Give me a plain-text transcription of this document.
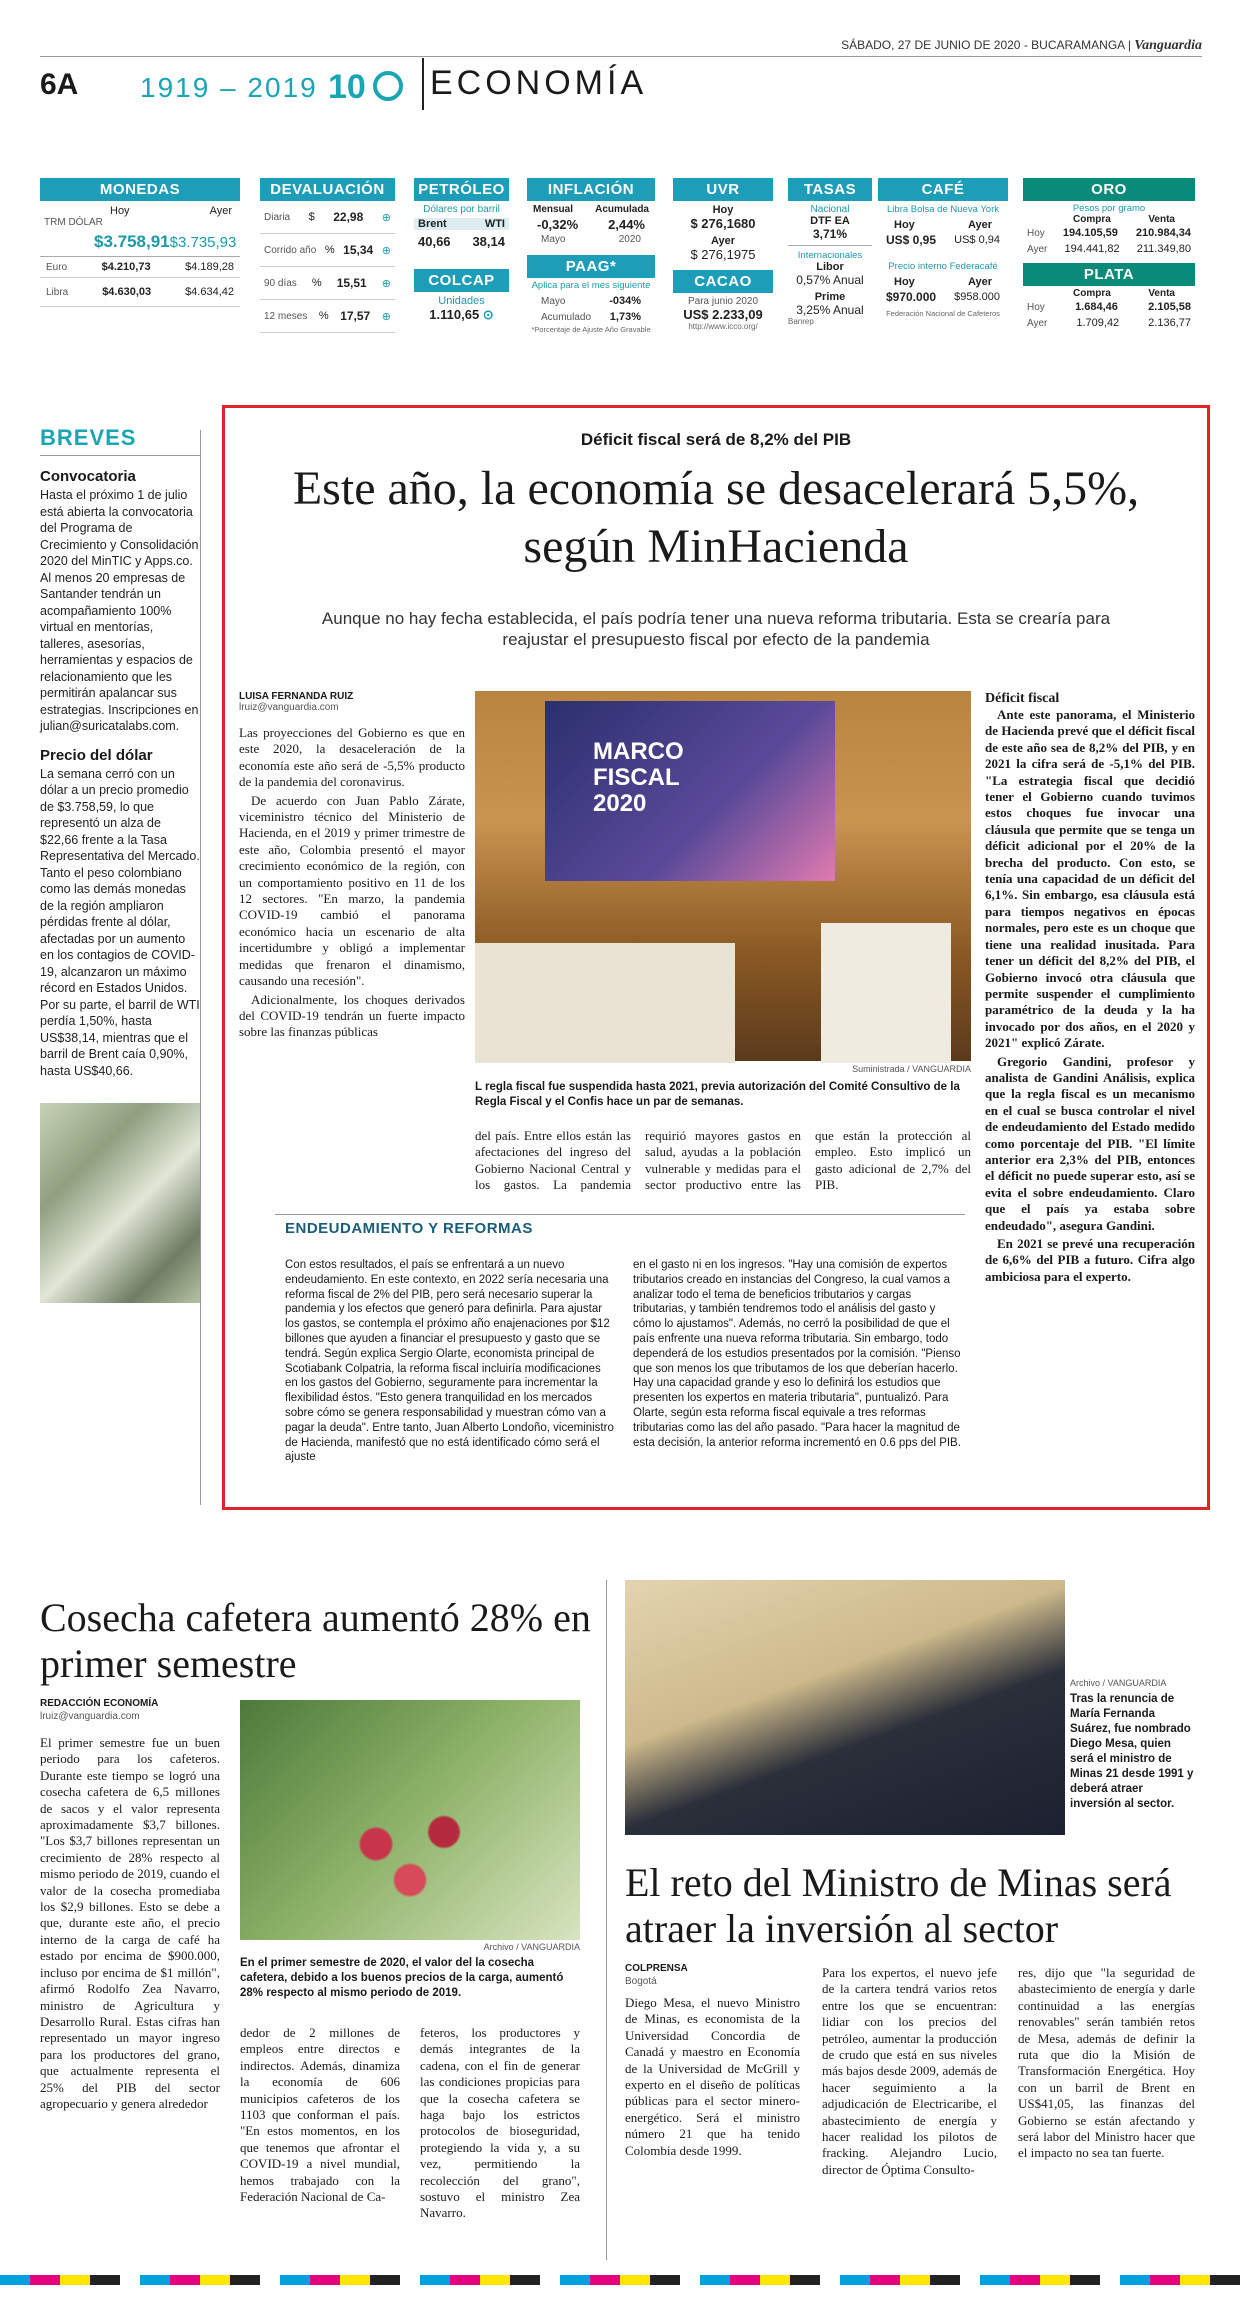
SÁBADO, 27 DE JUNIO DE 2020 - BUCARAMANGA | Vanguardia
6A 1919 – 2019 10 ECONOMÍA
MONEDAS
Hoy	Ayer
TRM DÓLAR
$3.758,91 $3.735,93
Euro	$4.210,73	$4.189,28
Libra	$4.630,03	$4.634,42
DEVALUACIÓN
Diaria $ 22,98 ⊕
Corrido año % 15,34 ⊕
90 días % 15,51 ⊕
12 meses % 17,57 ⊕
PETRÓLEO
Dólares por barril
Brent	WTI
40,66 38,14
COLCAP
Unidades
1.110,65 ⊙
INFLACIÓN
Mensual Acumulada
-0,32% 2,44%
Mayo	2020
PAAG*
Aplica para el mes siguiente
Mayo	-034%
Acumulado 1,73%
*Porcentaje de Ajuste Año Gravable
UVR
Hoy
$ 276,1680
Ayer
$ 276,1975
CACAO
Para junio 2020
US$ 2.233,09
http://www.icco.org/
TASAS
Nacional
DTF EA
3,71%
Internacionales
Libor
0,57% Anual
Prime
3,25% Anual
Banrep
CAFÉ
Libra Bolsa de Nueva York
Hoy	Ayer
US$ 0,95 US$ 0,94
Precio interno Federacafé
Hoy	Ayer
$970.000 $958.000
Federación Nacional de Cafeteros
ORO
Pesos por gramo
Compra	Venta
Hoy 194.105,59 210.984,34
Ayer 194.441,82 211.349,80
PLATA
Compra	Venta
Hoy	1.684,46	2.105,58
Ayer	1.709,42	2.136,77
BREVES
Convocatoria

Hasta el próximo 1 de julio está abierta la convocatoria del Programa de Crecimiento y Consolidación 2020 del MinTIC y Apps.co. Al menos 20 empresas de Santander tendrán un acompañamiento 100% virtual en mentorías, talleres, asesorías, herramientas y espacios de relacionamiento que les permitirán apalancar sus estrategias. Inscripciones en julian@suricatalabs.com.

Precio del dólar

La semana cerró con un dólar a un precio promedio de $3.758,59, lo que representó un alza de $22,66 frente a la Tasa Representativa del Mercado. Tanto el peso colombiano como las demás monedas de la región ampliaron pérdidas frente al dólar, afectadas por un aumento en los contagios de COVID-19, alcanzaron un máximo récord en Estados Unidos. Por su parte, el barril de WTI perdía 1,50%, hasta US$38,14, mientras que el barril de Brent caía 0,90%, hasta US$40,66.

Déficit fiscal será de 8,2% del PIB
Este año, la economía se desacelerará 5,5%, según MinHacienda
Aunque no hay fecha establecida, el país podría tener una nueva reforma tributaria. Esta se crearía para reajustar el presupuesto fiscal por efecto de la pandemia
LUISA FERNANDA RUIZ
lruiz@vanguardia.com

Las proyecciones del Gobierno es que en este 2020, la desaceleración de la economía este año será de -5,5% producto de la pandemia del coronavirus.

De acuerdo con Juan Pablo Zárate, viceministro técnico del Ministerio de Hacienda, en el 2019 y primer trimestre de este año, Colombia presentó el mayor crecimiento económico de la región, con un comportamiento positivo en 11 de los 12 sectores. "En marzo, la pandemia COVID-19 cambió el panorama económico hacia un escenario de alta incertidumbre y obligó a implementar medidas que frenaron el dinamismo, causando una recesión".

Adicionalmente, los choques derivados del COVID-19 tendrán un fuerte impacto sobre las finanzas públicas

MARCO FISCAL 2020
Suministrada / VANGUARDIA
L regla fiscal fue suspendida hasta 2021, previa autorización del Comité Consultivo de la Regla Fiscal y el Confis hace un par de semanas.
del país. Entre ellos están las afectaciones del ingreso del Gobierno Nacional Central y los gastos. La pandemia requirió mayores gastos en salud, ayudas a la población vulnerable y medidas para el sector productivo entre las que están la protección al empleo. Esto implicó un gasto adicional de 2,7% del PIB.
Déficit fiscal

Ante este panorama, el Ministerio de Hacienda prevé que el déficit fiscal de este año sea de 8,2% del PIB, y en 2021 la cifra será de -5,1% del PIB. "La estrategia fiscal que decidió tener el Gobierno cuando tuvimos estos choques fue invocar una cláusula que permite que se tenga un déficit adicional por el 20% de la brecha del producto. Con esto, se tenía una capacidad de un déficit del 6,1%. Sin embargo, esa cláusula está para tiempos negativos en épocas normales, pero este es un choque que tiene una realidad inusitada. Para tener un déficit del 8,2% del PIB, el Gobierno invocó otra cláusula que permite suspender el cumplimiento paramétrico de la deuda y la ha invocado por dos años, en el 2020 y 2021" explicó Zárate.

Gregorio Gandini, profesor y analista de Gandini Análisis, explica que la regla fiscal es un mecanismo en el cual se busca controlar el nivel de endeudamiento del Estado medido como porcentaje del PIB. "El límite anterior era 2,3% del PIB, entonces el déficit no puede superar esto, así se evita el sobre endeudamiento. Claro que el país ya estaba sobre endeudado", asegura Gandini.

En 2021 se prevé una recuperación de 6,6% del PIB a futuro. Cifra algo ambiciosa para el experto.

ENDEUDAMIENTO Y REFORMAS
Con estos resultados, el país se enfrentará a un nuevo endeudamiento. En este contexto, en 2022 sería necesaria una reforma fiscal de 2% del PIB, pero será necesario superar la pandemia y los efectos que generó para definirla. Para ajustar los gastos, se contempla el próximo año enajenaciones por $12 billones que ayuden a financiar el presupuesto y gasto que se tendrá. Según explica Sergio Olarte, economista principal de Scotiabank Colpatria, la reforma fiscal incluiría modificaciones en los gastos del Gobierno, seguramente para incrementar la flexibilidad éstos. "Esto genera tranquilidad en los mercados sobre cómo se genera responsabilidad y muestran cómo van a pagar la deuda". Entre tanto, Juan Alberto Londoño, viceministro de Hacienda, manifestó que no está identificado cómo será el ajuste
en el gasto ni en los ingresos. "Hay una comisión de expertos tributarios creado en instancias del Congreso, la cual vamos a analizar todo el tema de beneficios tributarios y cargas tributarias, y también tendremos todo el análisis del gasto y cómo lo ajustamos". Además, no cerró la posibilidad de que el país enfrente una nueva reforma tributaria. Sin embargo, todo dependerá de los estudios presentados por la comisión. "Pienso que son menos los que tributamos de los que deberían hacerlo. Hay una capacidad grande y eso lo definirá los estudios que presenten los expertos en materia tributaria", puntualizó. Para Olarte, según esta reforma fiscal equivale a tres reformas tributarias como las del año pasado. "Para hacer la magnitud de esta decisión, la anterior reforma incrementó en 0.6 pps del PIB.
Cosecha cafetera aumentó 28% en primer semestre
REDACCIÓN ECONOMÍA
lruiz@vanguardia.com
El primer semestre fue un buen periodo para los cafeteros. Durante este tiempo se logró una cosecha cafetera de 6,5 millones de sacos y el valor representa aproximadamente $3,7 billones. "Los $3,7 billones representan un crecimiento de 28% respecto al mismo periodo de 2019, cuando el valor de la cosecha promediaba los $2,9 billones. Esto se debe a que, durante este año, el precio interno de la carga de café ha estado por encima de $900.000, incluso por encima de $1 millón", afirmó Rodolfo Zea Navarro, ministro de Agricultura y Desarrollo Rural. Estas cifras han representado un mayor ingreso para los productores del grano, que actualmente representa el 25% del PIB del sector agropecuario y genera alrededor
Archivo / VANGUARDIA
En el primer semestre de 2020, el valor del la cosecha cafetera, debido a los buenos precios de la carga, aumentó 28% respecto al mismo periodo de 2019.
dedor de 2 millones de empleos entre directos e indirectos. Además, dinamiza la economía de 606 municipios cafeteros de los 1103 que conforman el país. "En estos momentos, en los que tenemos que afrontar el COVID-19 a nivel mundial, hemos trabajado con la Federación Nacional de Ca-
feteros, los productores y demás integrantes de la cadena, con el fin de generar las condiciones propicias para que la cosecha cafetera se haga bajo los estrictos protocolos de bioseguridad, protegiendo la vida y, a su vez, permitiendo la recolección del grano", sostuvo el ministro Zea Navarro.
Archivo / VANGUARDIA
Tras la renuncia de María Fernanda Suárez, fue nombrado Diego Mesa, quien será el ministro de Minas 21 desde 1991 y deberá atraer inversión al sector.
El reto del Ministro de Minas será atraer la inversión al sector
COLPRENSA
Bogotá
Diego Mesa, el nuevo Ministro de Minas, es economista de la Universidad Concordia de Canadá y maestro en Economía de la Universidad de McGrill y experto en el diseño de políticas públicas para el sector minero-energético. Será el ministro número 21 que ha tenido Colombia desde 1999.
Para los expertos, el nuevo jefe de la cartera tendrá varios retos entre los que se encuentran: lidiar con los precios del petróleo, aumentar la producción de crudo que está en sus niveles más bajos desde 2009, además de hacer seguimiento a la adjudicación de Electricaribe, el abastecimiento de energía y hacer realidad los pilotos de fracking. Alejandro Lucio, director de Óptima Consulto-
res, dijo que "la seguridad de abastecimiento de energía y darle continuidad a las energías renovables" serán también retos de Mesa, además de definir la ruta que dio la Misión de Transformación Energética. Hoy con un barril de Brent en US$41,05, las finanzas del Gobierno se están afectando y será labor del Ministro hacer que el impacto no sea tan fuerte.
